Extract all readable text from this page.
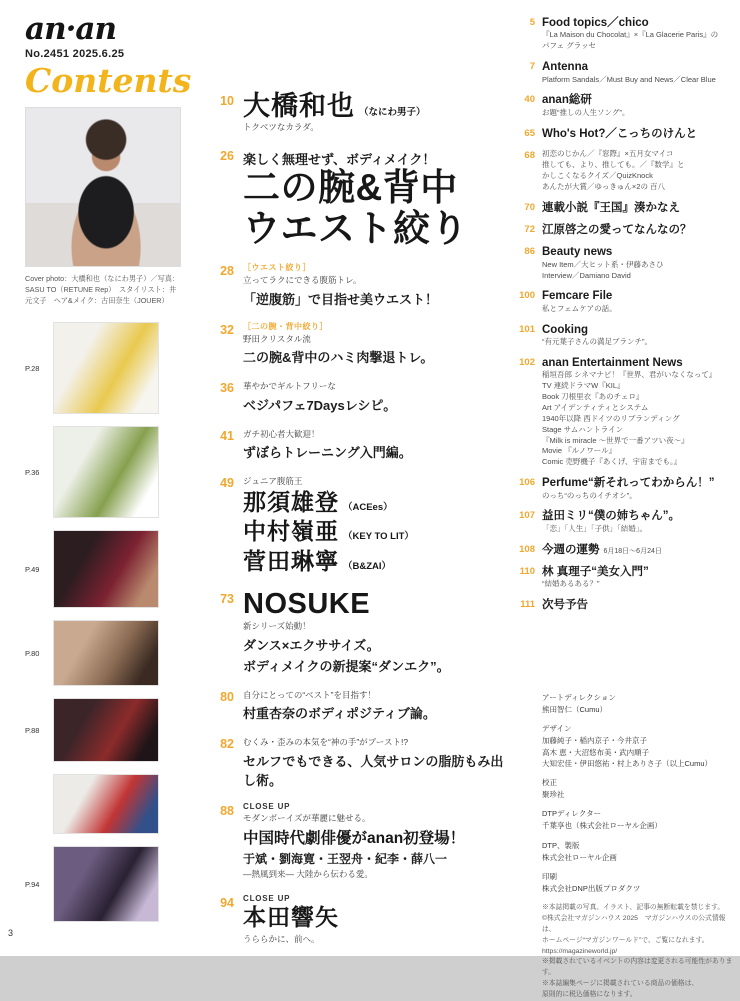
an·an
No.2451 2025.6.25
Contents
Cover photo：大橋和也（なにわ男子）／写真：SASU TO（RETUNE Rep）　スタイリスト：井元文子　ヘア&メイク：古田奈生（JOUER）
P.28
P.36
P.49
P.80
P.88
P.94
10 大橋和也 （なにわ男子）
トクベツなカラダ。
26 楽しく無理せず、ボディメイク！
二の腕&背中
ウエスト絞り
28 ［ウエスト絞り］
立ってラクにできる腹筋トレ。
「逆腹筋」で目指せ美ウエスト！
32 ［二の腕・背中絞り］
野田クリスタル流
二の腕&背中のハミ肉撃退トレ。
36 華やかでギルトフリーな
ベジパフェ7Daysレシピ。
41 ガチ初心者大歓迎！
ずぼらトレーニング入門編。
49 ジュニア腹筋王
那須雄登 （ACEes）
中村嶺亜 （KEY TO LIT）
菅田琳寧 （B&ZAI）
73 NOSUKE
新シリーズ始動！
ダンス×エクササイズ。
ボディメイクの新提案“ダンエク”。
80 自分にとっての“ベスト”を目指す！
村重杏奈のボディポジティブ論。
82 むくみ・歪みの本気を“神の手”がブースト!?
セルフでもできる、人気サロンの脂肪もみ出し術。
88 CLOSE UP
モダンボーイズが華麗に魅せる。
中国時代劇俳優がanan初登場！
于斌・劉海寛・王翌舟・紀李・薛八一
―熱風到来― 大陸から伝わる愛。
94 CLOSE UP
本田響矢
うららかに、前へ。
5 Food topics／chico
『La Maison du Chocolat』×『La Glacerie Paris』の
パフェ グラッセ
7 Antenna
Platform Sandals／Must Buy and News／Clear Blue
40 anan総研
お題“推しの人生ソング”。
65 Who's Hot?／こっちのけんと
68 初恋のじかん／『窓際』×五月女マイコ
推しても、より、推しても。／『数学』と
かしこくなるクイズ／QuizKnock
あんたが大賞／ゆっきゅん×2の 百八
70 連載小説『王国』湊かなえ
72 江原啓之の愛ってなんなの？
86 Beauty news
New Item／大ヒット系・伊藤あさひ
Interview／Damiano David
100 Femcare File
私とフェムケアの話。
101 Cooking
“有元葉子さんの満足ブランチ”。
102 anan Entertainment News
稲垣吾郎 シネマナビ！『世界、君がいなくなって』
TV 連続ドラマW『KIL』
Book 刀根里衣『あのチェロ』
Art アイデンティティとシステム
1940年以降 西ドイツのリブランディング
Stage サムハントライン
『Milk is miracle ～世界で一番アツい夜～』
Movie 『ルノワール』
Comic 売野機子『あくげ、宇宙までも。』
106 Perfume“新それってわからん！”
のっち“のっちのイチオシ”。
107 益田ミリ“僕の姉ちゃん”。
「恋」「人生」「子供」「結婚」。
108 今週の運勢 6月18日〜6月24日
110 林 真理子“美女入門”
“結婚あるある？”
111 次号予告
アートディレクション
熊田智仁（Cumu）
デザイン
加藤純子・稲内京子・今井京子
高木 恵・大沼悠布美・武内順子
大知宏佳・伊田悠祐・村上ありさ子（以上Cumu）
校正
聚珍社
DTPディレクター
千葉享也（株式会社ローヤル企画）
DTP、製版
株式会社ローヤル企画
印刷
株式会社DNP出版プロダクツ
※本誌掲載の写真、イラスト、記事の無断転載を禁じます。
©株式会社マガジンハウス 2025　マガジンハウスの公式情報は、
ホームページ“マガジンワールド”で、ご覧になれます。
https://magazineworld.jp/
※掲載されているイベントの内容は変更される可能性があります。
※本誌編集ページに掲載されている商品の価格は、
原則的に税込価格になります。
3
